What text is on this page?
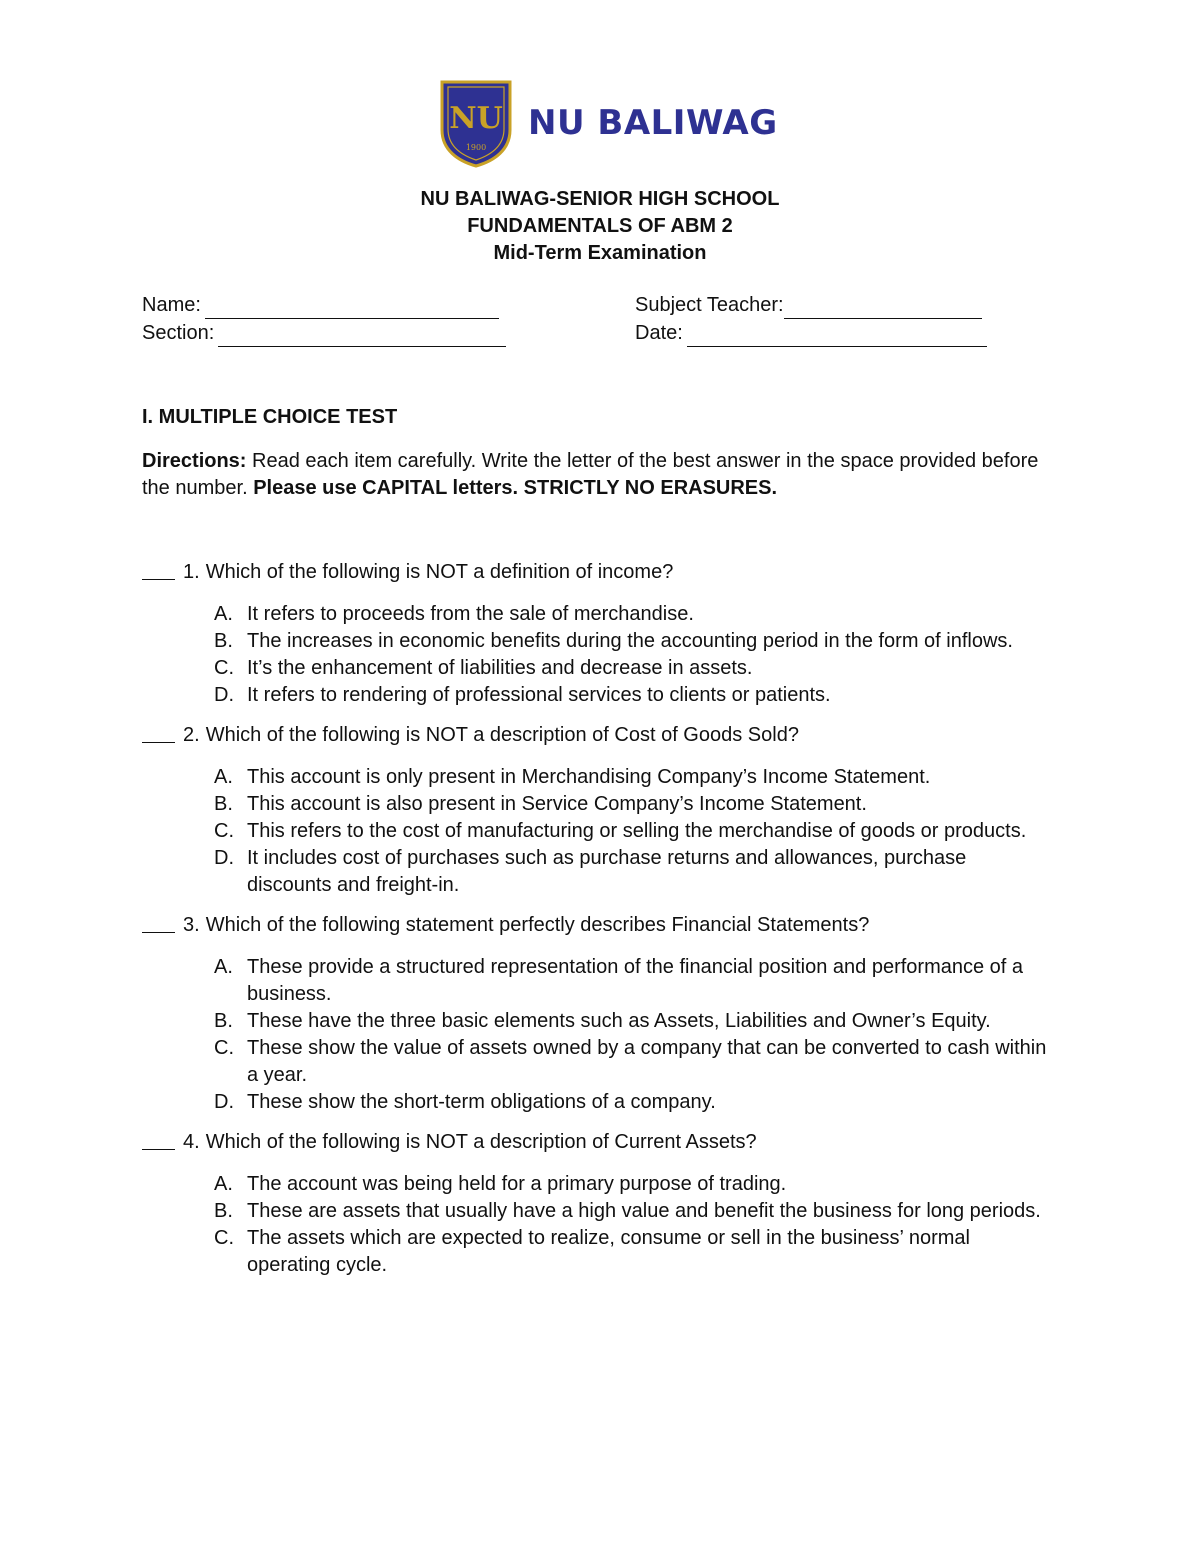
NU
1900
NU BALIWAG
NU BALIWAG-SENIOR HIGH SCHOOL
FUNDAMENTALS OF ABM 2
Mid-Term Examination
Name:	Subject Teacher:
Section:	Date:
I. MULTIPLE CHOICE TEST
Directions: Read each item carefully. Write the letter of the best answer in the space provided before the number. Please use CAPITAL letters. STRICTLY NO ERASURES.
1. Which of the following is NOT a definition of income?
A. It refers to proceeds from the sale of merchandise.
B. The increases in economic benefits during the accounting period in the form of inflows.
C. It’s the enhancement of liabilities and decrease in assets.
D. It refers to rendering of professional services to clients or patients.
2. Which of the following is NOT a description of Cost of Goods Sold?
A. This account is only present in Merchandising Company’s Income Statement.
B. This account is also present in Service Company’s Income Statement.
C. This refers to the cost of manufacturing or selling the merchandise of goods or products.
D. It includes cost of purchases such as purchase returns and allowances, purchase discounts and freight-in.
3. Which of the following statement perfectly describes Financial Statements?
A. These provide a structured representation of the financial position and performance of a business.
B. These have the three basic elements such as Assets, Liabilities and Owner’s Equity.
C. These show the value of assets owned by a company that can be converted to cash within a year.
D. These show the short-term obligations of a company.
4. Which of the following is NOT a description of Current Assets?
A. The account was being held for a primary purpose of trading.
B. These are assets that usually have a high value and benefit the business for long periods.
C. The assets which are expected to realize, consume or sell in the business’ normal operating cycle.
